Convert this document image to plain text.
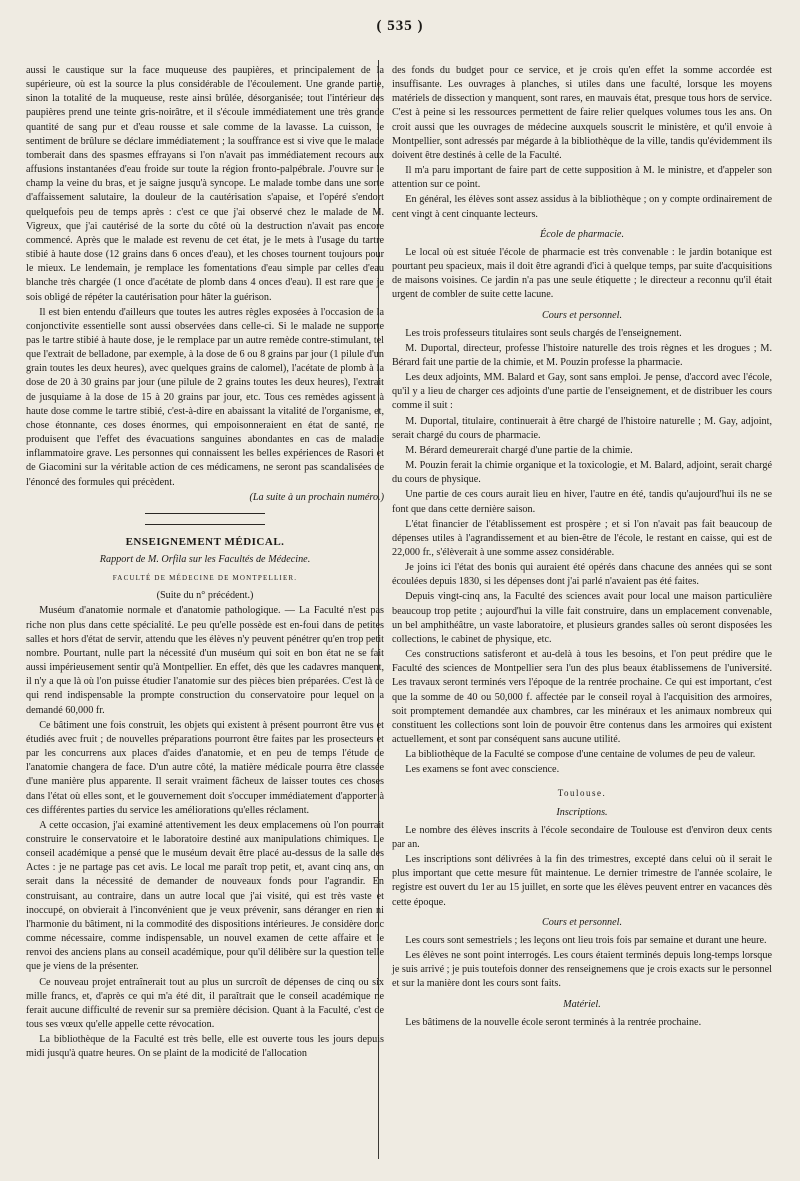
( 535 )

aussi le caustique sur la face muqueuse des paupières, et principalement de la supérieure, où est la source la plus considérable de l'écoulement. Une grande partie, sinon la totalité de la muqueuse, reste ainsi brûlée, désorganisée; tout l'intérieur des paupières prend une teinte gris-noirâtre, et il s'écoule immédiatement une très grande quantité de sang pur et d'eau rousse et sale comme de la lavasse. La cuisson, le sentiment de brûlure se déclare immédiatement ; la souffrance est si vive que le malade tomberait dans des spasmes effrayans si l'on n'avait pas immédiatement recours aux affusions instantanées d'eau froide sur toute la région fronto-palpébrale. J'ouvre sur le champ la veine du bras, et je saigne jusqu'à syncope. Le malade tombe dans une sorte d'affaissement salutaire, la douleur de la cautérisation s'apaise, et l'opéré s'endort quelquefois peu de temps après : c'est ce que j'ai observé chez le malade de M. Vigreux, que j'ai cautérisé de la sorte du côté où la destruction n'avait pas encore commencé. Après que le malade est revenu de cet état, je le mets à l'usage du tartre stibié à haute dose (12 grains dans 6 onces d'eau), et les choses tournent toujours pour le mieux. Le lendemain, je remplace les fomentations d'eau simple par celles d'eau blanche très chargée (1 once d'acétate de plomb dans 4 onces d'eau). Il est rare que je sois obligé de répéter la cautérisation pour hâter la guérison.

Il est bien entendu d'ailleurs que toutes les autres règles exposées à l'occasion de la conjonctivite essentielle sont aussi observées dans celle-ci. Si le malade ne supporte pas le tartre stibié à haute dose, je le remplace par un autre remède contre-stimulant, tel que l'extrait de belladone, par exemple, à la dose de 6 ou 8 grains par jour (1 pilule d'un grain toutes les deux heures), avec quelques grains de calomel), l'acétate de plomb à la dose de 20 à 30 grains par jour (une pilule de 2 grains toutes les deux heures), l'extrait de jusquiame à la dose de 15 à 20 grains par jour, etc. Tous ces remèdes agissent à haute dose comme le tartre stibié, c'est-à-dire en abaissant la vitalité de l'organisme, et, chose étonnante, ces doses énormes, qui empoisonneraient en état de santé, ne produisent que l'effet des évacuations sanguines abondantes en cas de maladie inflammatoire grave. Les personnes qui connaissent les belles expériences de Rasori et de Giacomini sur la véritable action de ces médicamens, ne seront pas scandalisées de l'énoncé des formules qui précèdent.

(La suite à un prochain numéro.)

ENSEIGNEMENT MÉDICAL.

Rapport de M. Orfila sur les Facultés de Médecine.

FACULTÉ DE MÉDECINE DE MONTPELLIER.

(Suite du n° précédent.)

Muséum d'anatomie normale et d'anatomie pathologique. — La Faculté n'est pas riche non plus dans cette spécialité. Le peu qu'elle possède est en-foui dans de petites salles et hors d'état de servir, attendu que les élèves n'y peuvent pénétrer qu'en trop petit nombre. Pourtant, nulle part la nécessité d'un muséum qui soit en bon état ne se fait aussi impérieusement sentir qu'à Montpellier. En effet, dès que les cadavres manquent, il n'y a que là où l'on puisse étudier l'anatomie sur des pièces bien préparées. C'est là ce qui rend indispensable la prompte construction du conservatoire pour lequel on a demandé 60,000 fr.

Ce bâtiment une fois construit, les objets qui existent à présent pourront être vus et étudiés avec fruit ; de nouvelles préparations pourront être faites par les prosecteurs et par les concurrens aux places d'aides d'anatomie, et en peu de temps l'étude de l'anatomie changera de face. D'un autre côté, la matière médicale pourra être classée d'une manière plus apparente. Il serait vraiment fâcheux de laisser toutes ces choses dans l'état où elles sont, et le gouvernement doit s'occuper immédiatement d'apporter à ces différentes parties du service les améliorations qu'elles réclament.

A cette occasion, j'ai examiné attentivement les deux emplacemens où l'on pourrait construire le conservatoire et le laboratoire destiné aux manipulations chimiques. Le conseil académique a pensé que le muséum devait être placé au-dessus de la salle des Actes : je ne partage pas cet avis. Le local me paraît trop petit, et, avant cinq ans, on serait dans la nécessité de demander de nouveaux fonds pour l'agrandir. En construisant, au contraire, dans un autre local que j'ai visité, qui est très vaste et inoccupé, on obvierait à l'inconvénient que je veux prévenir, sans déranger en rien ni l'harmonie du bâtiment, ni la commodité des dispositions intérieures. Je considère donc comme nécessaire, comme indispensable, un nouvel examen de cette affaire et le renvoi des anciens plans au conseil académique, pour qu'il délibère sur la question telle que je viens de la présenter.

Ce nouveau projet entraînerait tout au plus un surcroît de dépenses de cinq ou six mille francs, et, d'après ce qui m'a été dit, il paraîtrait que le conseil académique ne ferait aucune difficulté de revenir sur sa première décision. Quant à la Faculté, c'est de tous ses vœux qu'elle appelle cette révocation.

La bibliothèque de la Faculté est très belle, elle est ouverte tous les jours depuis midi jusqu'à quatre heures. On se plaint de la modicité de l'allocation

des fonds du budget pour ce service, et je crois qu'en effet la somme accordée est insuffisante. Les ouvrages à planches, si utiles dans une faculté, lorsque les moyens matériels de dissection y manquent, sont rares, en mauvais état, presque tous hors de service. C'est à peine si les ressources permettent de faire relier quelques volumes tous les ans. On croit aussi que les ouvrages de médecine auxquels souscrit le ministère, et qu'il envoie à Montpellier, sont adressés par mégarde à la bibliothèque de la ville, tandis qu'évidemment ils doivent être destinés à celle de la Faculté.

Il m'a paru important de faire part de cette supposition à M. le ministre, et d'appeler son attention sur ce point.

En général, les élèves sont assez assidus à la bibliothèque ; on y compte ordinairement de cent vingt à cent cinquante lecteurs.

École de pharmacie.

Le local où est située l'école de pharmacie est très convenable : le jardin botanique est pourtant peu spacieux, mais il doit être agrandi d'ici à quelque temps, par suite d'acquisitions de maisons voisines. Ce jardin n'a pas une seule étiquette ; le directeur a reconnu qu'il était urgent de combler de suite cette lacune.

Cours et personnel.

Les trois professeurs titulaires sont seuls chargés de l'enseignement.

M. Duportal, directeur, professe l'histoire naturelle des trois règnes et les drogues ; M. Bérard fait une partie de la chimie, et M. Pouzin professe la pharmacie.

Les deux adjoints, MM. Balard et Gay, sont sans emploi. Je pense, d'accord avec l'école, qu'il y a lieu de charger ces adjoints d'une partie de l'enseignement, et de distribuer les cours comme il suit :

M. Duportal, titulaire, continuerait à être chargé de l'histoire naturelle ; M. Gay, adjoint, serait chargé du cours de pharmacie.

M. Bérard demeurerait chargé d'une partie de la chimie.

M. Pouzin ferait la chimie organique et la toxicologie, et M. Balard, adjoint, serait chargé du cours de physique.

Une partie de ces cours aurait lieu en hiver, l'autre en été, tandis qu'aujourd'hui ils ne se font que dans cette dernière saison.

L'état financier de l'établissement est prospère ; et si l'on n'avait pas fait beaucoup de dépenses utiles à l'agrandissement et au bien-être de l'école, le restant en caisse, qui est de 22,000 fr., s'élèverait à une somme assez considérable.

Je joins ici l'état des bonis qui auraient été opérés dans chacune des années qui se sont écoulées depuis 1830, si les dépenses dont j'ai parlé n'avaient pas été faites.

Depuis vingt-cinq ans, la Faculté des sciences avait pour local une maison particulière beaucoup trop petite ; aujourd'hui la ville fait construire, dans un emplacement convenable, un bel amphithéâtre, un vaste laboratoire, et plusieurs grandes salles où seront disposées les collections, le cabinet de physique, etc.

Ces constructions satisferont et au-delà à tous les besoins, et l'on peut prédire que le Faculté des sciences de Montpellier sera l'un des plus beaux établissemens de l'université. Les travaux seront terminés vers l'époque de la rentrée prochaine. Ce qui est important, c'est que la somme de 40 ou 50,000 f. affectée par le conseil royal à l'acquisition des armoires, soit promptement demandée aux chambres, car les minéraux et les animaux nombreux qui constituent les collections sont loin de pouvoir être contenus dans les armoires qui existent actuellement, et sont par conséquent sans aucune utilité.

La bibliothèque de la Faculté se compose d'une centaine de volumes de peu de valeur.

Les examens se font avec conscience.

Toulouse.

Inscriptions.

Le nombre des élèves inscrits à l'école secondaire de Toulouse est d'environ deux cents par an.

Les inscriptions sont délivrées à la fin des trimestres, excepté dans celui où il serait le plus important que cette mesure fût maintenue. Le dernier trimestre de l'année scolaire, le registre est ouvert du 1er au 15 juillet, en sorte que les élèves peuvent entrer en vacances dès cette époque.

Cours et personnel.

Les cours sont semestriels ; les leçons ont lieu trois fois par semaine et durant une heure.

Les élèves ne sont point interrogés. Les cours étaient terminés depuis long-temps lorsque je suis arrivé ; je puis toutefois donner des renseignemens que je crois exacts sur le personnel et sur la manière dont les cours sont faits.

Matériel.

Les bâtimens de la nouvelle école seront terminés à la rentrée prochaine.
